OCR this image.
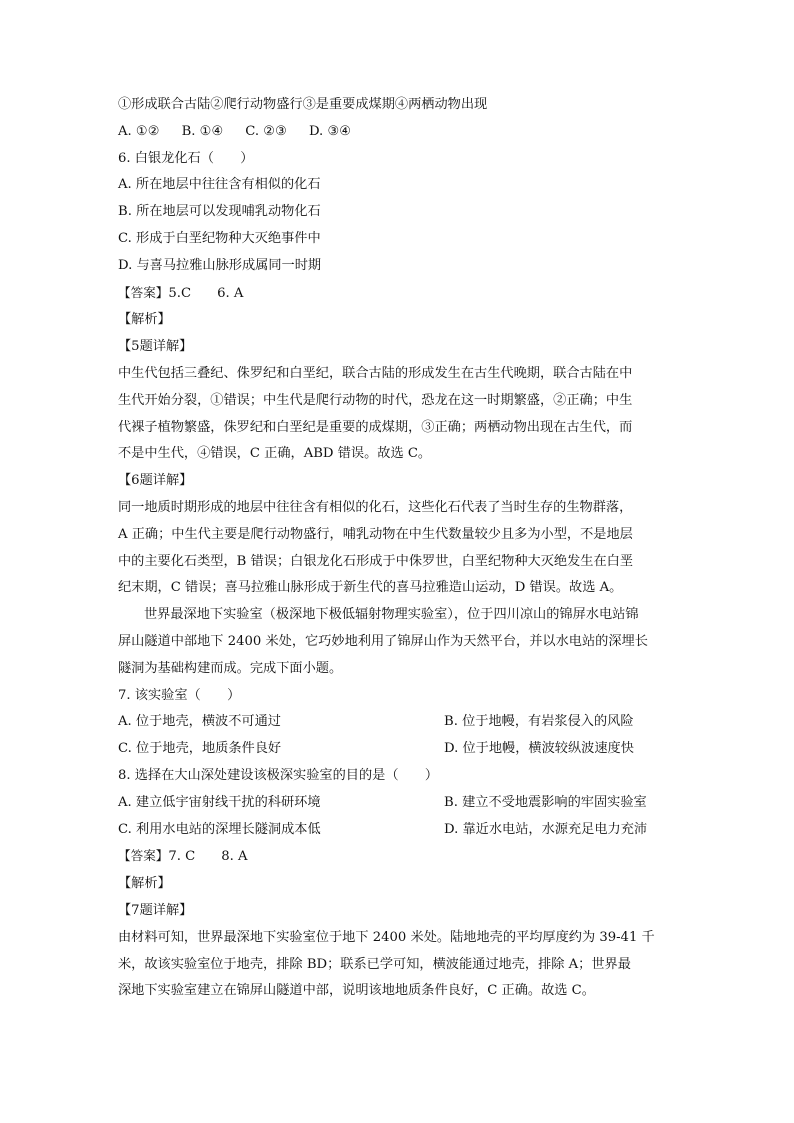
①形成联合古陆②爬行动物盛行③是重要成煤期④两栖动物出现
A. ①② B. ①④ C. ②③ D. ③④
6. 白银龙化石（　　）
A. 所在地层中往往含有相似的化石
B. 所在地层可以发现哺乳动物化石
C. 形成于白垩纪物种大灭绝事件中
D. 与喜马拉雅山脉形成属同一时期
【答案】5.C 6. A
【解析】
【5题详解】
中生代包括三叠纪、侏罗纪和白垩纪，联合古陆的形成发生在古生代晚期，联合古陆在中
生代开始分裂，①错误；中生代是爬行动物的时代，恐龙在这一时期繁盛，②正确；中生
代裸子植物繁盛，侏罗纪和白垩纪是重要的成煤期，③正确；两栖动物出现在古生代，而
不是中生代，④错误，C 正确，ABD 错误。故选 C。
【6题详解】
同一地质时期形成的地层中往往含有相似的化石，这些化石代表了当时生存的生物群落，
A 正确；中生代主要是爬行动物盛行，哺乳动物在中生代数量较少且多为小型，不是地层
中的主要化石类型，B 错误；白银龙化石形成于中侏罗世，白垩纪物种大灭绝发生在白垩
纪末期，C 错误；喜马拉雅山脉形成于新生代的喜马拉雅造山运动，D 错误。故选 A。
世界最深地下实验室（极深地下极低辐射物理实验室），位于四川凉山的锦屏水电站锦
屏山隧道中部地下 2400 米处，它巧妙地利用了锦屏山作为天然平台，并以水电站的深埋长
隧洞为基础构建而成。完成下面小题。
7. 该实验室（　　）
A. 位于地壳，横波不可通过	B. 位于地幔，有岩浆侵入的风险
C. 位于地壳，地质条件良好	D. 位于地幔，横波较纵波速度快
8. 选择在大山深处建设该极深实验室的目的是（　　）
A. 建立低宇宙射线干扰的科研环境	B. 建立不受地震影响的牢固实验室
C. 利用水电站的深埋长隧洞成本低	D. 靠近水电站，水源充足电力充沛
【答案】7. C 8. A
【解析】
【7题详解】
由材料可知，世界最深地下实验室位于地下 2400 米处。陆地地壳的平均厚度约为 39-41 千
米，故该实验室位于地壳，排除 BD；联系已学可知，横波能通过地壳，排除 A；世界最
深地下实验室建立在锦屏山隧道中部，说明该地地质条件良好，C 正确。故选 C。
